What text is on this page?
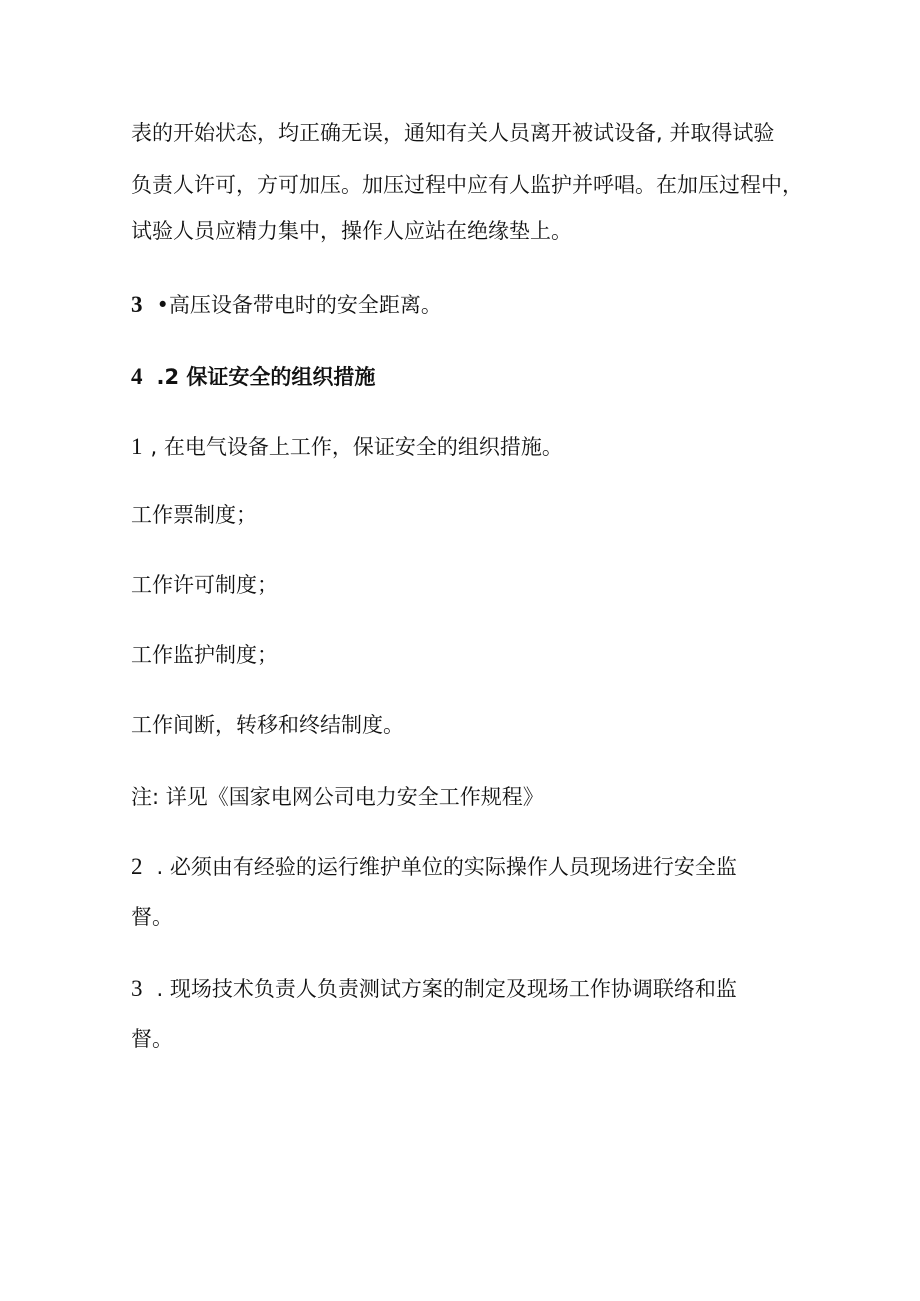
表的开始状态，均正确无误，通知有关人员离开被试设备, 并取得试验
负责人许可，方可加压。加压过程中应有人监护并呼唱。在加压过程中，
试验人员应精力集中，操作人应站在绝缘垫上。
3 •高压设备带电时的安全距离。
4 .2 保证安全的组织措施
1 , 在电气设备上工作，保证安全的组织措施。
工作票制度；
工作许可制度；
工作监护制度；
工作间断，转移和终结制度。
注: 详见《国家电网公司电力安全工作规程》
2 . 必须由有经验的运行维护单位的实际操作人员现场进行安全监
督。
3 . 现场技术负责人负责测试方案的制定及现场工作协调联络和监
督。
